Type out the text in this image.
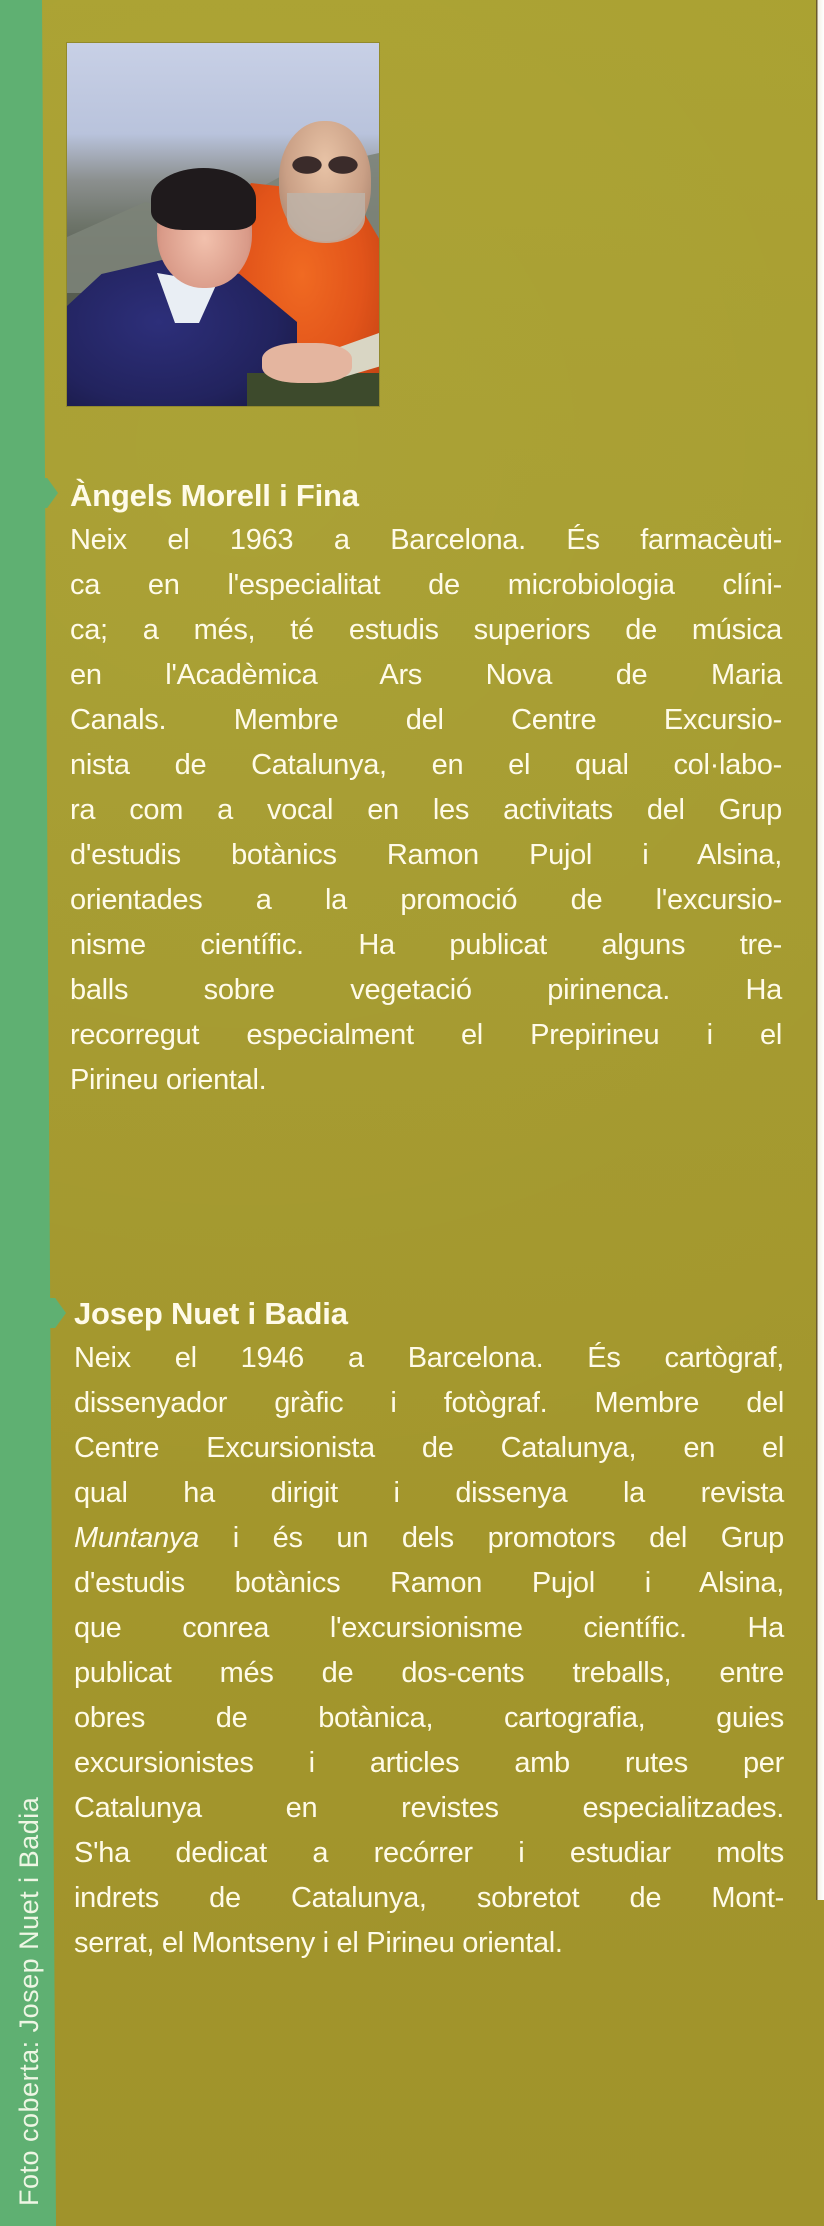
Foto coberta: Josep Nuet i Badia
Àngels Morell i Fina
Neix el 1963 a Barcelona. És farmacèuti-
ca en l'especialitat de microbiologia clíni-
ca; a més, té estudis superiors de música
en l'Acadèmica Ars Nova de Maria
Canals. Membre del Centre Excursio-
nista de Catalunya, en el qual col·labo-
ra com a vocal en les activitats del Grup
d'estudis botànics Ramon Pujol i Alsina,
orientades a la promoció de l'excursio-
nisme científic. Ha publicat alguns tre-
balls sobre vegetació pirinenca. Ha
recorregut especialment el Prepirineu i el
Pirineu oriental.
Josep Nuet i Badia
Neix el 1946 a Barcelona. És cartògraf,
dissenyador gràfic i fotògraf. Membre del
Centre Excursionista de Catalunya, en el
qual ha dirigit i dissenya la revista
Muntanya i és un dels promotors del Grup
d'estudis botànics Ramon Pujol i Alsina,
que conrea l'excursionisme científic. Ha
publicat més de dos-cents treballs, entre
obres de botànica, cartografia, guies
excursionistes i articles amb rutes per
Catalunya en revistes especialitzades.
S'ha dedicat a recórrer i estudiar molts
indrets de Catalunya, sobretot de Mont-
serrat, el Montseny i el Pirineu oriental.
